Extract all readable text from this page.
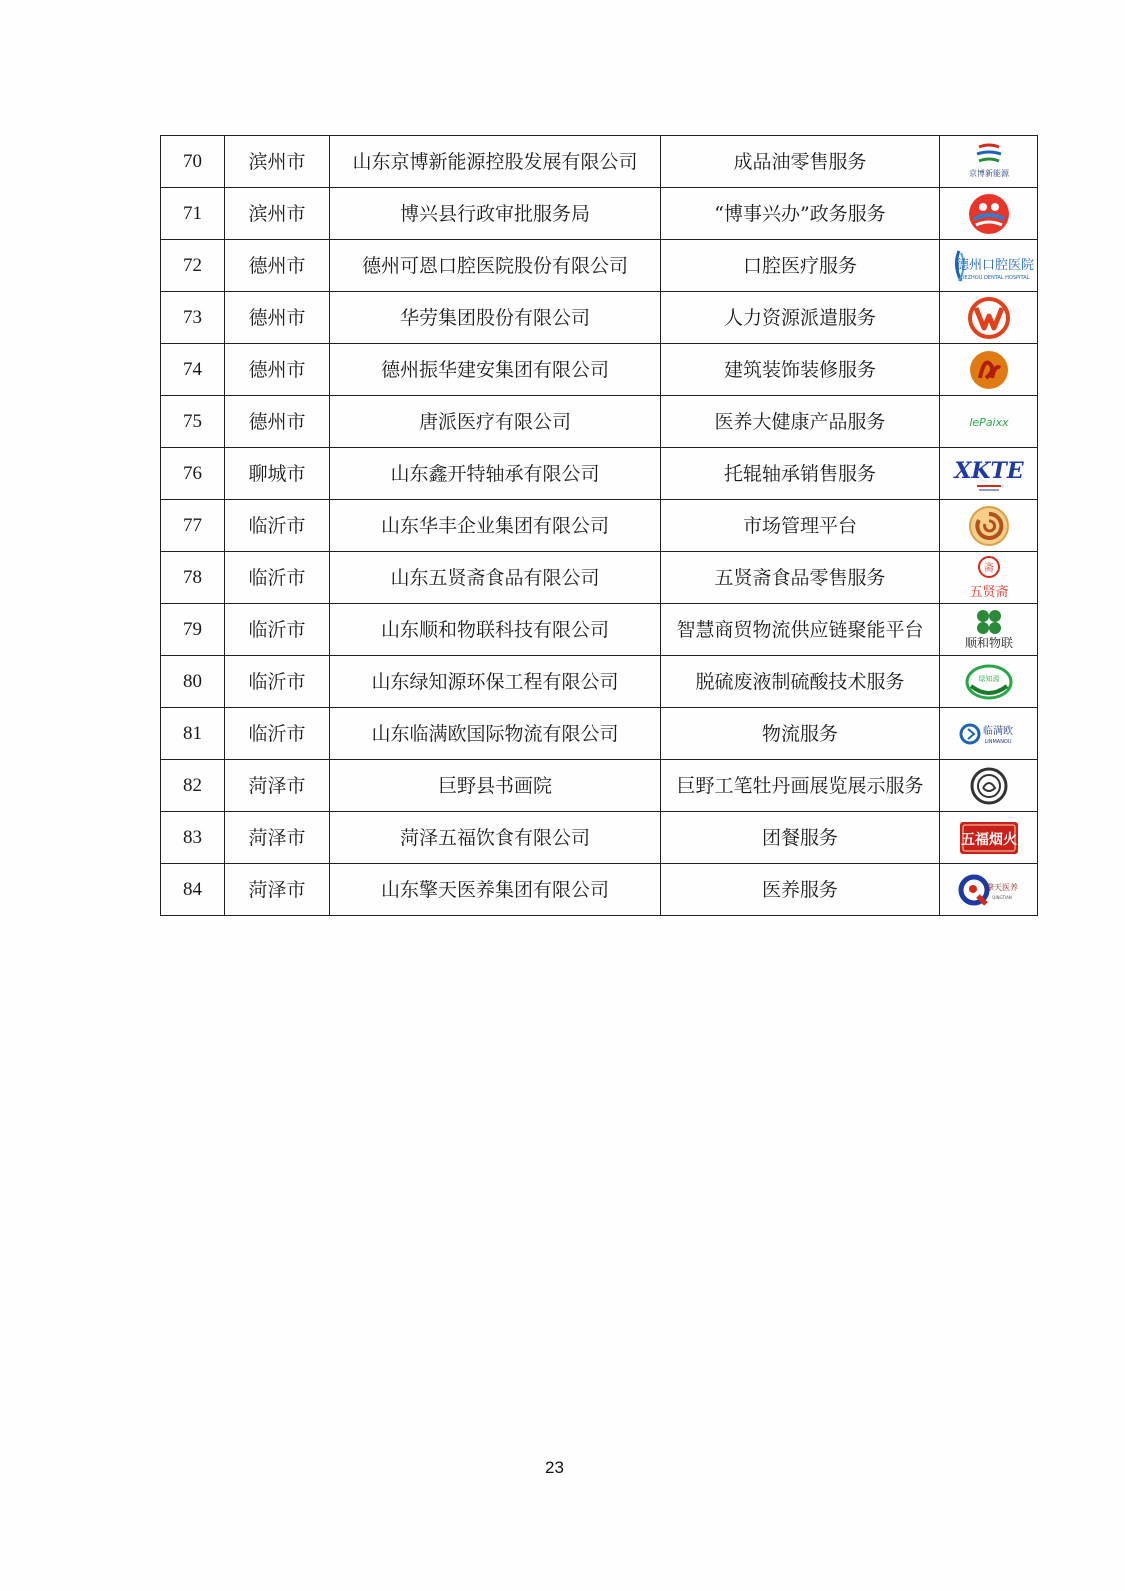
70	滨州市	山东京博新能源控股发展有限公司	成品油零售服务	京博新能源

71	滨州市	博兴县行政审批服务局	“博事兴办”政务服务	

72	德州市	德州可恩口腔医院股份有限公司	口腔医疗服务	德州口腔医院
DEZHOU DENTAL HOSPITAL

73	德州市	华劳集团股份有限公司	人力资源派遣服务	

74	德州市	德州振华建安集团有限公司	建筑装饰装修服务	

75	德州市	唐派医疗有限公司	医养大健康产品服务	lePaixx

76	聊城市	山东鑫开特轴承有限公司	托辊轴承销售服务	XKTE

77	临沂市	山东华丰企业集团有限公司	市场管理平台	

78	临沂市	山东五贤斋食品有限公司	五贤斋食品零售服务	斋
五贤斋

79	临沂市	山东顺和物联科技有限公司	智慧商贸物流供应链聚能平台	顺和物联

80	临沂市	山东绿知源环保工程有限公司	脱硫废液制硫酸技术服务	绿知源

81	临沂市	山东临满欧国际物流有限公司	物流服务	临满欧
LINMANOU

82	菏泽市	巨野县书画院	巨野工笔牡丹画展览展示服务	

83	菏泽市	菏泽五福饮食有限公司	团餐服务	五福烟火

84	菏泽市	山东擎天医养集团有限公司	医养服务	擎天医养
QINGTIAN
23
